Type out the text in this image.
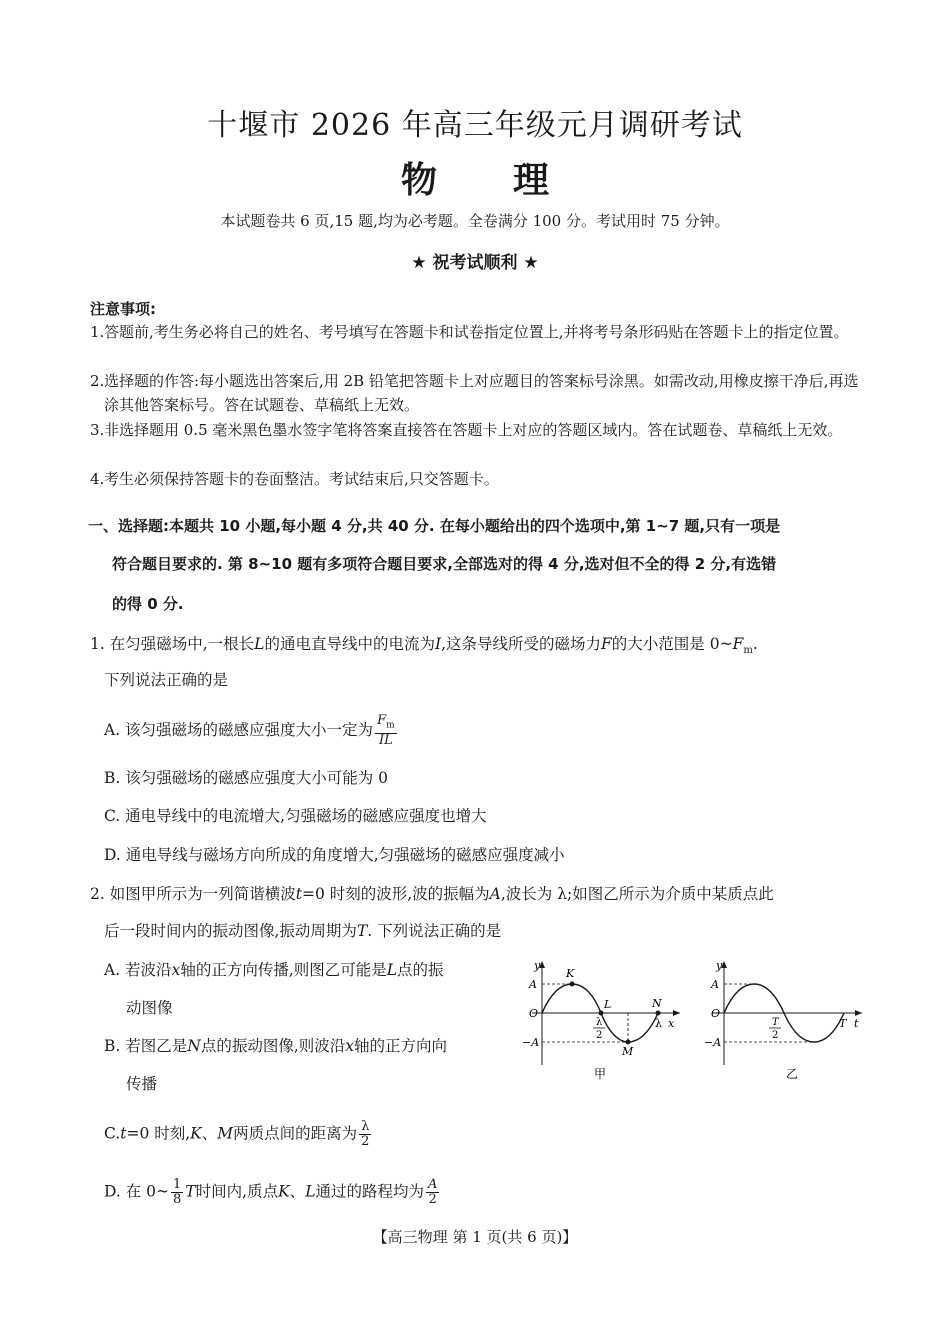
十堰市 2026 年高三年级元月调研考试
物 理
本试题卷共 6 页,15 题,均为必考题。全卷满分 100 分。考试用时 75 分钟。
★ 祝考试顺利 ★
注意事项:
1.答题前,考生务必将自己的姓名、考号填写在答题卡和试卷指定位置上,并将考号条形码贴在答题卡上的指定位置。
2.选择题的作答:每小题选出答案后,用 2B 铅笔把答题卡上对应题目的答案标号涂黑。如需改动,用橡皮擦干净后,再选涂其他答案标号。答在试题卷、草稿纸上无效。
3.非选择题用 0.5 毫米黑色墨水签字笔将答案直接答在答题卡上对应的答题区域内。答在试题卷、草稿纸上无效。
4.考生必须保持答题卡的卷面整洁。考试结束后,只交答题卡。
一、选择题:本题共 10 小题,每小题 4 分,共 40 分. 在每小题给出的四个选项中,第 1~7 题,只有一项是
符合题目要求的. 第 8~10 题有多项符合题目要求,全部选对的得 4 分,选对但不全的得 2 分,有选错
的得 0 分.
1. 在匀强磁场中,一根长L的通电直导线中的电流为I,这条导线所受的磁场力F的大小范围是 $0\sim F_m$.
下列说法正确的是
A. 该匀强磁场的磁感应强度大小一定为 $\frac{F_m}{IL}$
B. 该匀强磁场的磁感应强度大小可能为 0
C. 通电导线中的电流增大,匀强磁场的磁感应强度也增大
D. 通电导线与磁场方向所成的角度增大,匀强磁场的磁感应强度减小
2. 如图甲所示为一列简谐横波t=0 时刻的波形,波的振幅为A,波长为 λ;如图乙所示为介质中某质点此
后一段时间内的振动图像,振动周期为T. 下列说法正确的是
A. 若波沿x轴的正方向传播,则图乙可能是L点的振
动图像
B. 若图乙是N点的振动图像,则波沿x轴的正方向向
传播
C.t=0 时刻,K、M两质点间的距离为 $\frac{\lambda}{2}$
D. 在 0~ $\frac{1}{8}$ T时间内,质点K、L通过的路程均为 $\frac{A}{2}$
y
A
O
−A
K
L	N
M
λ
2
λ x
甲
y
A
O
−A
T
2
T t
乙
【高三物理 第 1 页(共 6 页)】
